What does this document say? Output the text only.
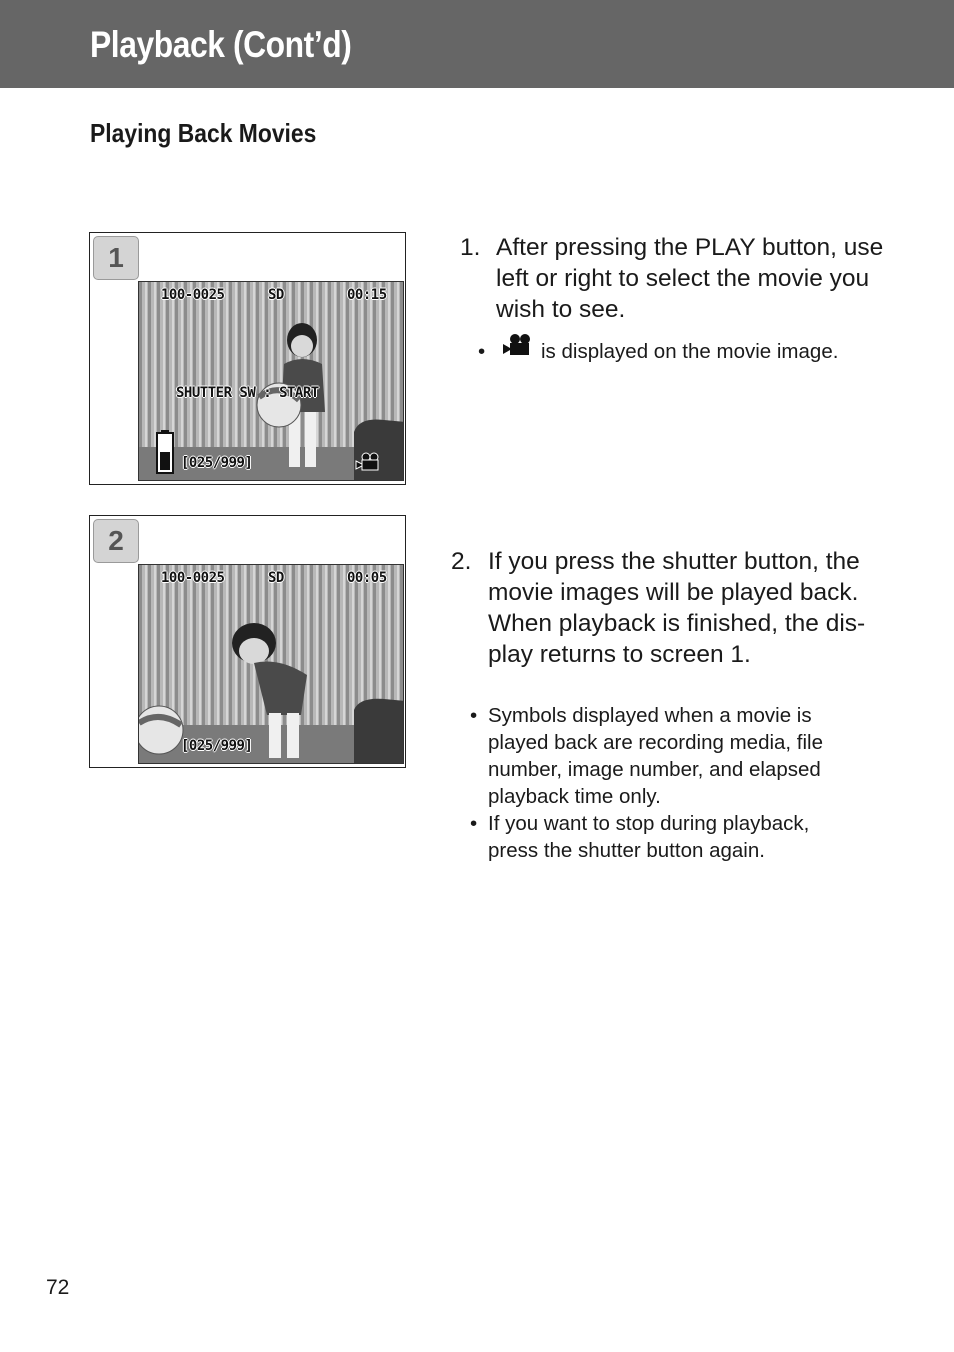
Playback (Cont’d)
Playing Back Movies
1
100-0025	SD	00:15
SHUTTER SW : START
[025/999]
2
100-0025	SD	00:05
[025/999]
1. After pressing the PLAY button, use
left or right to select the movie you
wish to see.
•	is displayed on the movie image.
2. If you press the shutter button, the
movie images will be played back.
When playback is finished, the dis-
play returns to screen 1.
• Symbols displayed when a movie is
played back are recording media, file
number, image number, and elapsed
playback time only.
• If you want to stop during playback,
press the shutter button again.
72
